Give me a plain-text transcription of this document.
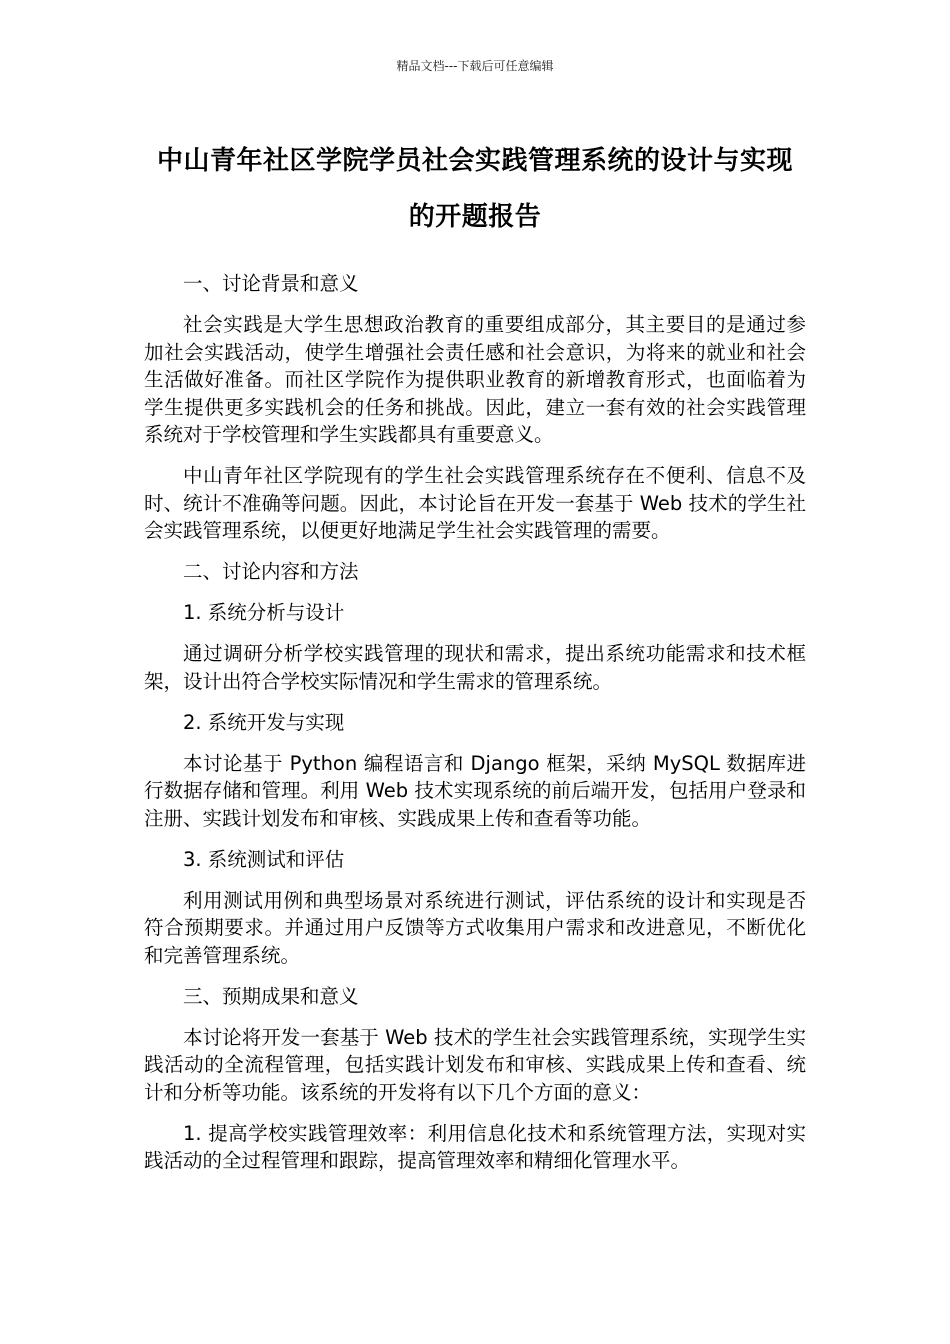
精品文档---下载后可任意编辑
中山青年社区学院学员社会实践管理系统的设计与实现的开题报告
一、讨论背景和意义
社会实践是大学生思想政治教育的重要组成部分，其主要目的是通过参加社会实践活动，使学生增强社会责任感和社会意识，为将来的就业和社会生活做好准备。而社区学院作为提供职业教育的新增教育形式，也面临着为学生提供更多实践机会的任务和挑战。因此，建立一套有效的社会实践管理系统对于学校管理和学生实践都具有重要意义。
中山青年社区学院现有的学生社会实践管理系统存在不便利、信息不及时、统计不准确等问题。因此，本讨论旨在开发一套基于 Web 技术的学生社会实践管理系统，以便更好地满足学生社会实践管理的需要。
二、讨论内容和方法
1. 系统分析与设计
通过调研分析学校实践管理的现状和需求，提出系统功能需求和技术框架，设计出符合学校实际情况和学生需求的管理系统。
2. 系统开发与实现
本讨论基于 Python 编程语言和 Django 框架，采纳 MySQL 数据库进行数据存储和管理。利用 Web 技术实现系统的前后端开发，包括用户登录和注册、实践计划发布和审核、实践成果上传和查看等功能。
3. 系统测试和评估
利用测试用例和典型场景对系统进行测试，评估系统的设计和实现是否符合预期要求。并通过用户反馈等方式收集用户需求和改进意见，不断优化和完善管理系统。
三、预期成果和意义
本讨论将开发一套基于 Web 技术的学生社会实践管理系统，实现学生实践活动的全流程管理，包括实践计划发布和审核、实践成果上传和查看、统计和分析等功能。该系统的开发将有以下几个方面的意义：
1. 提高学校实践管理效率：利用信息化技术和系统管理方法，实现对实践活动的全过程管理和跟踪，提高管理效率和精细化管理水平。
